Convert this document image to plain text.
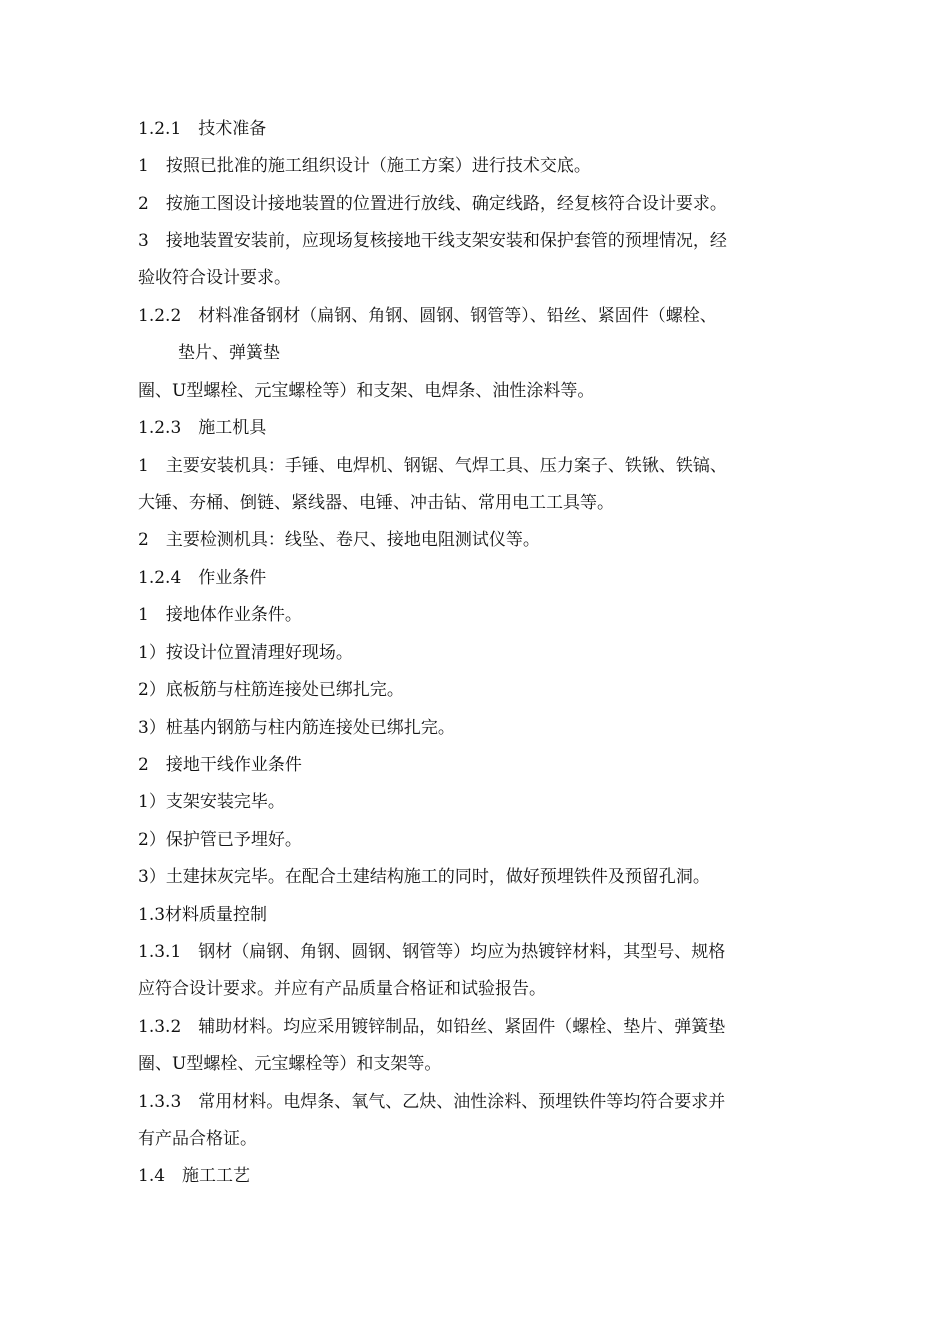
1.2.1　技术准备

1　按照已批准的施工组织设计（施工方案）进行技术交底。

2　按施工图设计接地装置的位置进行放线、确定线路，经复核符合设计要求。

3　接地装置安装前，应现场复核接地干线支架安装和保护套管的预埋情况，经

验收符合设计要求。

1.2.2　材料准备钢材（扁钢、角钢、圆钢、钢管等）、铅丝、紧固件（螺栓、

垫片、弹簧垫

圈、U型螺栓、元宝螺栓等）和支架、电焊条、油性涂料等。

1.2.3　施工机具

1　主要安装机具：手锤、电焊机、钢锯、气焊工具、压力案子、铁锹、铁镐、

大锤、夯桶、倒链、紧线器、电锤、冲击钻、常用电工工具等。

2　主要检测机具：线坠、卷尺、接地电阻测试仪等。

1.2.4　作业条件

1　接地体作业条件。

1）按设计位置清理好现场。

2）底板筋与柱筋连接处已绑扎完。

3）桩基内钢筋与柱内筋连接处已绑扎完。

2　接地干线作业条件

1）支架安装完毕。

2）保护管已予埋好。

3）土建抹灰完毕。在配合土建结构施工的同时，做好预埋铁件及预留孔洞。

1.3材料质量控制

1.3.1　钢材（扁钢、角钢、圆钢、钢管等）均应为热镀锌材料，其型号、规格

应符合设计要求。并应有产品质量合格证和试验报告。

1.3.2　辅助材料。均应采用镀锌制品，如铅丝、紧固件（螺栓、垫片、弹簧垫

圈、U型螺栓、元宝螺栓等）和支架等。

1.3.3　常用材料。电焊条、氧气、乙炔、油性涂料、预埋铁件等均符合要求并

有产品合格证。

1.4　施工工艺
